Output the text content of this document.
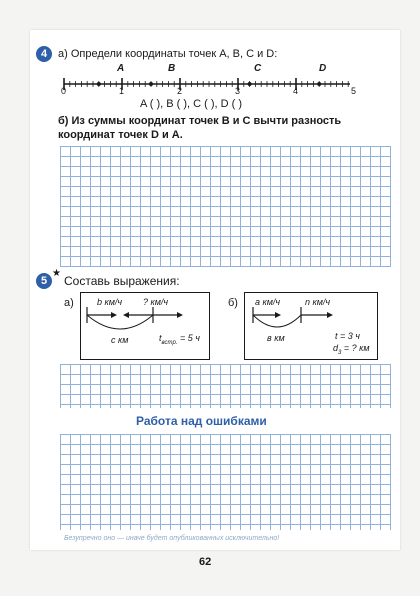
4 а) Определи координаты точек A, B, C и D:
A	B	C	D
0	1	2	3	4	5
A ( ), B ( ), C ( ), D ( )
б) Из суммы координат точек B и C вычти разность
координат точек D и A.
5
★
Составь выражения:
а)	b км/ч ? км/ч
c км	$t_{встр.} = 5$ ч
б) a км/ч	n км/ч
в км	t = 3 ч
$d_3$ = ? км
Работа над ошибками
Безупречно оно — иначе будет опубликованных исключительно!
62
